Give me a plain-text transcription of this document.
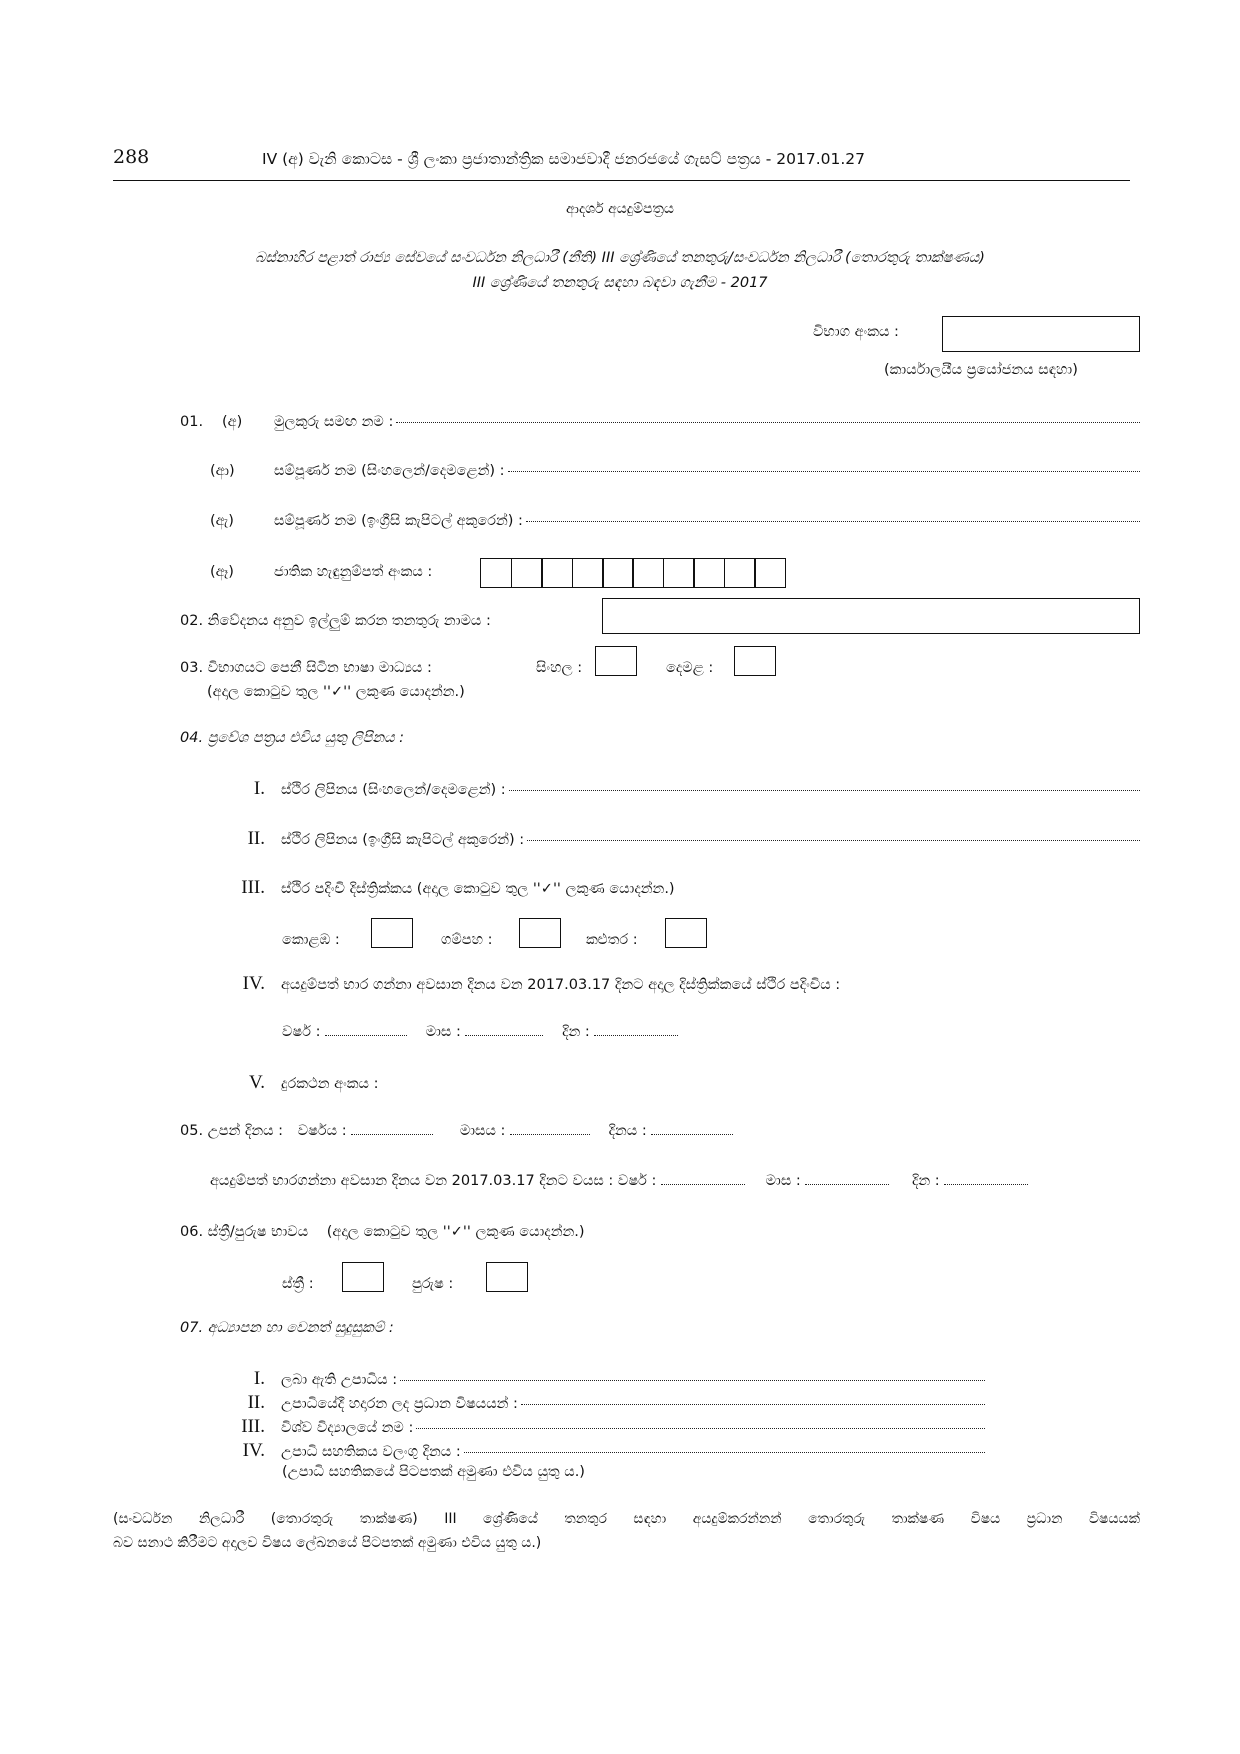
288	IV (අ) වැනි කොටස - ශ්‍රී ලංකා ප්‍රජාතාන්ත්‍රික සමාජවාදී ජනරජයේ ගැසට් පත්‍රය - 2017.01.27
ආදර්ශ අයදුම්පත්‍රය
බස්නාහිර පළාත් රාජ්‍ය සේවයේ සංවර්ධන නිලධාරී (නීති) III ශ්‍රේණියේ තනතුරු/සංවර්ධන නිලධාරී (තොරතුරු තාක්ෂණය)
III ශ්‍රේණියේ තනතුරු සඳහා බඳවා ගැනීම - 2017
විභාග අංකය :
(කාර්යාලයීය ප්‍රයෝජනය සඳහා)
01.	(අ)	මුලකුරු සමඟ නම :
(ආ)	සම්පූර්ණ නම (සිංහලෙන්/දෙමළෙන්) :
(ඇ)	සම්පූර්ණ නම (ඉංග්‍රීසි කැපිටල් අකුරෙන්) :
(ඈ)	ජාතික හැඳුනුම්පත් අංකය :
02. නිවේදනය අනුව ඉල්ලුම් කරන තනතුරු නාමය :
03. විභාගයට පෙනී සිටින භාෂා මාධ්‍යය :	සිංහල :	දෙමළ :
(අදාල කොටුව තුල ''✓'' ලකුණ යොදන්න.)
04. ප්‍රවේශ පත්‍රය එවිය යුතු ලිපිනය :
I. ස්ථිර ලිපිනය (සිංහලෙන්/දෙමළෙන්) :
II. ස්ථිර ලිපිනය (ඉංග්‍රීසි කැපිටල් අකුරෙන්) :
III. ස්ථිර පදිංචි දිස්ත්‍රික්කය (අදාල කොටුව තුල ''✓'' ලකුණ යොදන්න.)
කොළඹ :	ගම්පහ :	කළුතර :
IV. අයදුම්පත් භාර ගන්නා අවසාන දිනය වන 2017.03.17 දිනට අදාල දිස්ත්‍රික්කයේ ස්ථිර පදිංචිය :
වර්ෂ :	මාස :	දින :
V. දුරකථන අංකය :
05. උපන් දිනය : වර්ෂය :	මාසය :	දිනය :
අයදුම්පත් භාරගන්නා අවසාන දිනය වන 2017.03.17 දිනට වයස : වර්ෂ :	මාස :	දින :
06. ස්ත්‍රී/පුරුෂ භාවය (අදාල කොටුව තුල ''✓'' ලකුණ යොදන්න.)
ස්ත්‍රී :	පුරුෂ :
07. අධ්‍යාපන හා වෙනත් සුදුසුකම් :
I. ලබා ඇති උපාධිය :
II. උපාධියේදී හදාරන ලද ප්‍රධාන විෂයයන් :
III. විශ්ව විද්‍යාලයේ නම :
IV. උපාධි සහතිකය වලංගු දිනය :
(උපාධි සහතිකයේ පිටපතක් අමුණා එවිය යුතු ය.)
(සංවර්ධන නිලධාරී (තොරතුරු තාක්ෂණ) III ශ්‍රේණියේ තනතුර සඳහා අයදුම්කරන්නන් තොරතුරු තාක්ෂණ විෂය ප්‍රධාන විෂයයක්
බව සනාථ කිරීමට අදාලව විෂය ලේඛනයේ පිටපතක් අමුණා එවිය යුතු ය.)
